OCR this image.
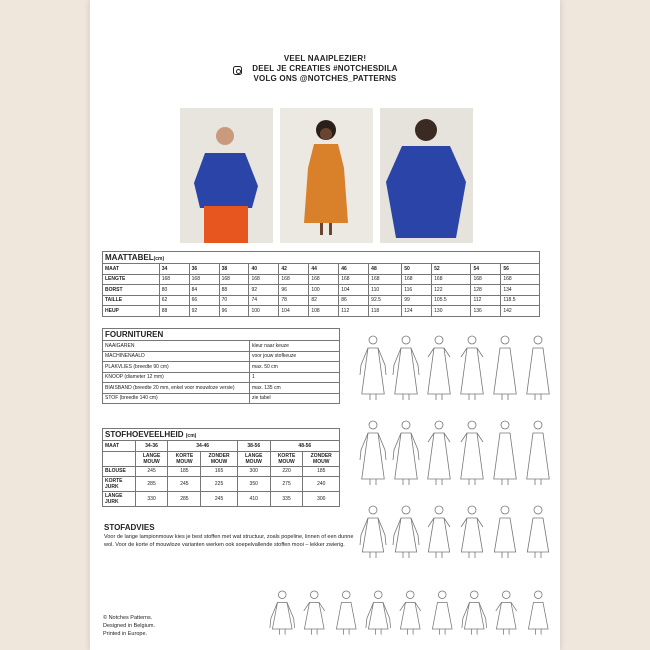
VEEL NAAIPLEZIER!
DEEL JE CREATIES #NOTCHESDILA
VOLG ONS @NOTCHES_PATTERNS
MAATTABEL(cm)												
MAAT	34	36	38	40	42	44	46	48	50	52	54	56
LENGTE	168	168	168	168	168	168	168	168	168	168	168	168
BORST	80	84	88	92	96	100	104	110	116	122	128	134
TAILLE	62	66	70	74	78	82	86	92.5	99	105.5	112	118.5
HEUP	88	92	96	100	104	108	112	118	124	130	136	142
FOURNITUREN	
NAAIGAREN	kleur naar keuze
MACHINENAALD	voor jouw stofkeuze
PLAKVLIES (breedte 90 cm)	max. 50 cm
KNOOP (diameter 12 mm)	1
BIAISBAND (breedte 20 mm, enkel voor mouwloze versie)	max. 135 cm
STOF (breedte 140 cm)	zie tabel
STOFHOEVEELHEID (cm)						
MAAT	34-36	34-46		38-56	48-56	
	LANGE MOUW	KORTE MOUW	ZONDER MOUW	LANGE MOUW	KORTE MOUW	ZONDER MOUW
BLOUSE	245	185	165	300	220	185
KORTE JURK	285	245	225	350	275	240
LANGE JURK	330	285	245	410	335	300
STOFADVIES

Voor de lange lampionmouw kies je best stoffen met wat structuur, zoals popeline, linnen of een dunne wol. Voor de korte of mouwloze varianten werken ook soepelvallende stoffen mooi – lekker zwierig.

© Notches Patterns.
Designed in Belgium.
Printed in Europe.
